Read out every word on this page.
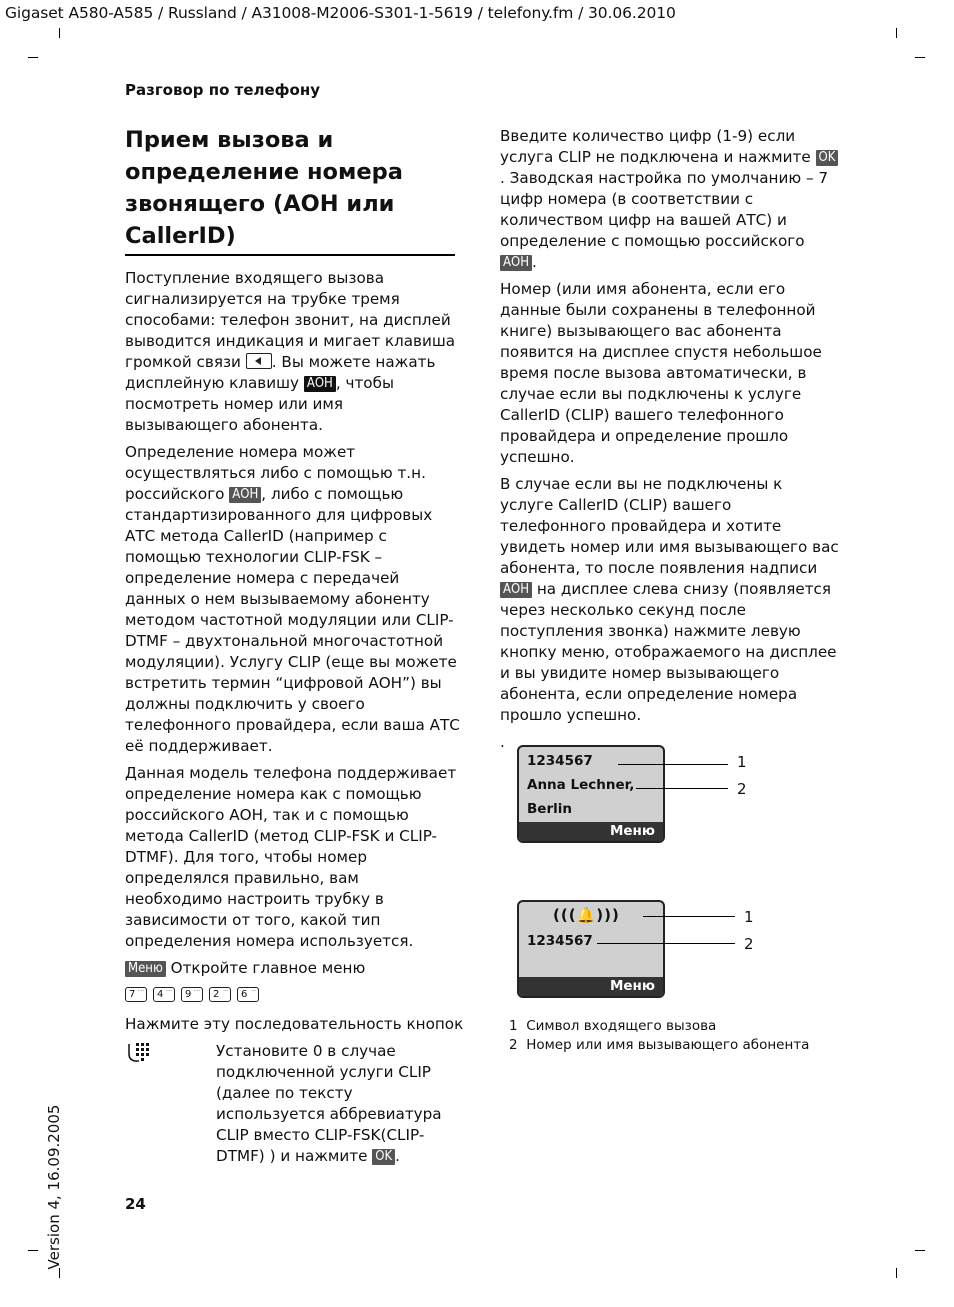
Gigaset A580-A585 / Russland / A31008-M2006-S301-1-5619 / telefony.fm / 30.06.2010
Разговор по телефону
Прием вызова и определение номера звонящего (АОН или CallerID)

Поступление входящего вызова сигнализируется на трубке тремя способами: телефон звонит, на дисплей выводится индикация и мигает клавиша громкой связи . Вы можете нажать дисплейную клавишу АОН , чтобы посмотреть номер или имя вызывающего абонента.

Определение номера может осуществляться либо с помощью т.н. российского АОН , либо с помощью стандартизированного для цифровых АТС метода CallerID (например с помощью технологии CLIP-FSK – определение номера с передачей данных о нем вызываемому абоненту методом частотной модуляции или CLIP-DTMF – двухтональной многочастотной модуляции). Услугу CLIP (еще вы можете встретить термин “цифровой АОН”) вы должны подключить у своего телефонного провайдера, если ваша АТС её поддерживает.

Данная модель телефона поддерживает определение номера как с помощью российского АОН, так и с помощью метода CallerID (метод CLIP-FSK и CLIP-DTMF). Для того, чтобы номер определялся правильно, вам необходимо настроить трубку в зависимости от того, какой тип определения номера используется.

Меню Откройте главное меню

7 ····	4 ····	9 ····	2 ···	6 ···
Нажмите эту последовательность кнопок
Установите 0 в случае подключенной услуги CLIP (далее по тексту используется аббревиатура CLIP вместо CLIP-FSK(CLIP-DTMF) ) и нажмите OK .

Введите количество цифр (1-9) если услуга CLIP не подключена и нажмите OK. Заводская настройка по умолчанию – 7 цифр номера (в соответствии с количеством цифр на вашей АТС) и определение с помощью российского АОН .

Номер (или имя абонента, если его данные были сохранены в телефонной книге) вызывающего вас абонента появится на дисплее спустя небольшое время после вызова автоматически, в случае если вы подключены к услуге CallerID (CLIP) вашего телефонного провайдера и определение прошло успешно.

В случае если вы не подключены к услуге CallerID (CLIP) вашего телефонного провайдера и хотите увидеть номер или имя вызывающего вас абонента, то после появления надписи АОН на дисплее слева снизу (появляется через несколько секунд после поступления звонка) нажмите левую кнопку меню, отображаемого на дисплее и вы увидите номер вызывающего абонента, если определение номера прошло успешно.

.

1234567
Anna Lechner,
Berlin
Меню
1
2
(((🔔)))
1234567
Меню
1
2
1 Символ входящего вызова
2 Номер или имя вызывающего абонента
24
Version 4, 16.09.2005
